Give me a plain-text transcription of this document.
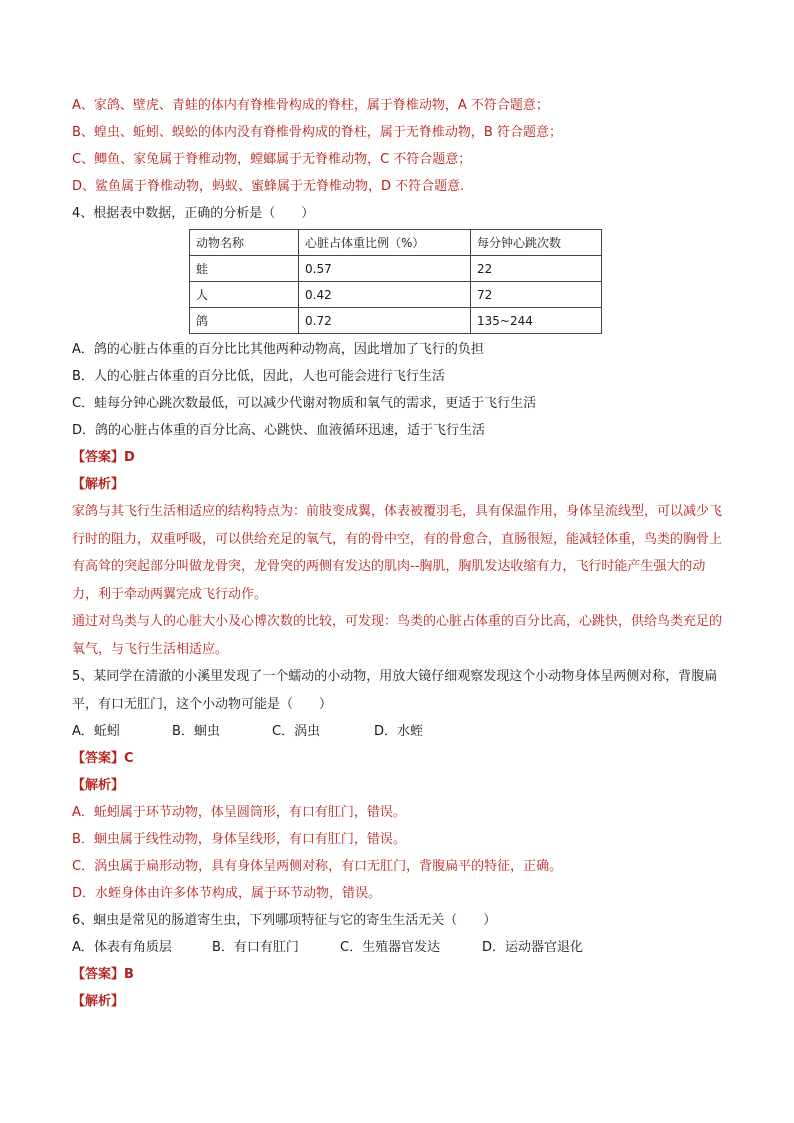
A、家鸽、壁虎、青蛙的体内有脊椎骨构成的脊柱，属于脊椎动物，A 不符合题意；
B、蝗虫、蚯蚓、蜈蚣的体内没有脊椎骨构成的脊柱，属于无脊椎动物，B 符合题意；
C、鲫鱼、家兔属于脊椎动物，螳螂属于无脊椎动物，C 不符合题意；
D、鲨鱼属于脊椎动物，蚂蚁、蜜蜂属于无脊椎动物，D 不符合题意.
4、根据表中数据，正确的分析是（　　）
动物名称	心脏占体重比例（%）	每分钟心跳次数
蛙	0.57	22
人	0.42	72
鸽	0.72	135~244
A．鸽的心脏占体重的百分比比其他两种动物高，因此增加了飞行的负担
B．人的心脏占体重的百分比低，因此，人也可能会进行飞行生活
C．蛙每分钟心跳次数最低，可以减少代谢对物质和氧气的需求，更适于飞行生活
D．鸽的心脏占体重的百分比高、心跳快、血液循环迅速，适于飞行生活
【答案】D
【解析】
家鸽与其飞行生活相适应的结构特点为：前肢变成翼，体表被覆羽毛，具有保温作用，身体呈流线型，可以减少飞行时的阻力，双重呼吸，可以供给充足的氧气，有的骨中空，有的骨愈合，直肠很短，能减轻体重，鸟类的胸骨上有高耸的突起部分叫做龙骨突，龙骨突的两侧有发达的肌肉--胸肌，胸肌发达收缩有力，飞行时能产生强大的动力，利于牵动两翼完成飞行动作。
通过对鸟类与人的心脏大小及心博次数的比较，可发现：鸟类的心脏占体重的百分比高，心跳快，供给鸟类充足的氧气，与飞行生活相适应。
5、某同学在清澈的小溪里发现了一个蠕动的小动物，用放大镜仔细观察发现这个小动物身体呈两侧对称，背腹扁平，有口无肛门，这个小动物可能是（　　）
A．蚯蚓	B．蛔虫	C．涡虫	D．水蛭
【答案】C
【解析】
A．蚯蚓属于环节动物，体呈圆筒形，有口有肛门，错误。
B．蛔虫属于线性动物，身体呈线形，有口有肛门，错误。
C．涡虫属于扁形动物，具有身体呈两侧对称，有口无肛门，背腹扁平的特征，正确。
D．水蛭身体由许多体节构成，属于环节动物，错误。
6、蛔虫是常见的肠道寄生虫，下列哪项特征与它的寄生生活无关（　　）
A．体表有角质层	B．有口有肛门	C．生殖器官发达	D．运动器官退化
【答案】B
【解析】
